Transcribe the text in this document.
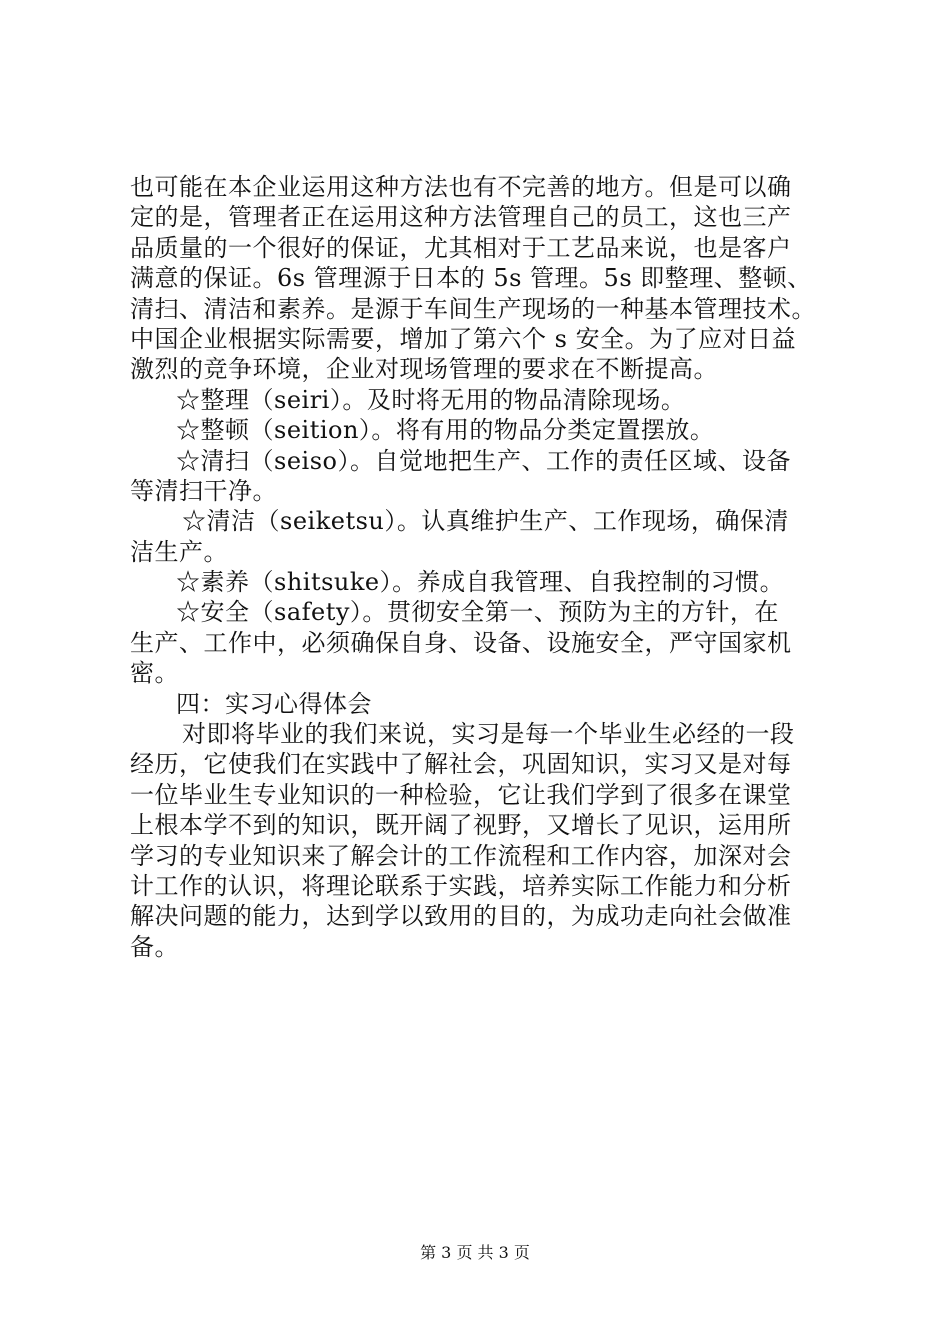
也可能在本企业运用这种方法也有不完善的地方。但是可以确
定的是，管理者正在运用这种方法管理自己的员工，这也三产
品质量的一个很好的保证，尤其相对于工艺品来说，也是客户
满意的保证。6s 管理源于日本的 5s 管理。5s 即整理、整顿、
清扫、清洁和素养。是源于车间生产现场的一种基本管理技术。
中国企业根据实际需要，增加了第六个 s 安全。为了应对日益
激烈的竞争环境，企业对现场管理的要求在不断提高。
☆整理（seiri）。及时将无用的物品清除现场。
☆整顿（seition）。将有用的物品分类定置摆放。
☆清扫（seiso）。自觉地把生产、工作的责任区域、设备
等清扫干净。
☆清洁（seiketsu）。认真维护生产、工作现场，确保清
洁生产。
☆素养（shitsuke）。养成自我管理、自我控制的习惯。
☆安全（safety）。贯彻安全第一、预防为主的方针，在
生产、工作中，必须确保自身、设备、设施安全，严守国家机
密。
四：实习心得体会
对即将毕业的我们来说，实习是每一个毕业生必经的一段
经历，它使我们在实践中了解社会，巩固知识，实习又是对每
一位毕业生专业知识的一种检验，它让我们学到了很多在课堂
上根本学不到的知识，既开阔了视野，又增长了见识，运用所
学习的专业知识来了解会计的工作流程和工作内容，加深对会
计工作的认识，将理论联系于实践，培养实际工作能力和分析
解决问题的能力，达到学以致用的目的，为成功走向社会做准
备。
第 3 页 共 3 页
